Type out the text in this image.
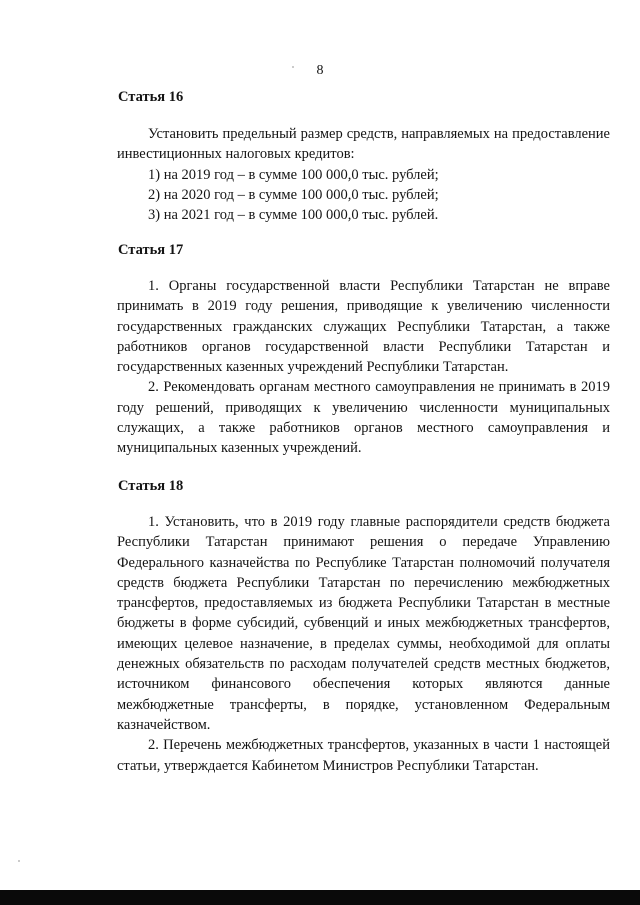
8
Статья 16

Установить предельный размер средств, направляемых на предоставление инвестиционных налоговых кредитов:

1) на 2019 год – в сумме 100 000,0 тыс. рублей;

2) на 2020 год – в сумме 100 000,0 тыс. рублей;

3) на 2021 год – в сумме 100 000,0 тыс. рублей.

Статья 17

1. Органы государственной власти Республики Татарстан не вправе принимать в 2019 году решения, приводящие к увеличению численности государственных гражданских служащих Республики Татарстан, а также работников органов государственной власти Республики Татарстан и государственных казенных учреждений Республики Татарстан.

2. Рекомендовать органам местного самоуправления не принимать в 2019 году решений, приводящих к увеличению численности муниципальных служащих, а также работников органов местного самоуправления и муниципальных казенных учреждений.

Статья 18

1. Установить, что в 2019 году главные распорядители средств бюджета Республики Татарстан принимают решения о передаче Управлению Федерального казначейства по Республике Татарстан полномочий получателя средств бюджета Республики Татарстан по перечислению межбюджетных трансфертов, предоставляемых из бюджета Республики Татарстан в местные бюджеты в форме субсидий, субвенций и иных межбюджетных трансфертов, имеющих целевое назначение, в пределах суммы, необходимой для оплаты денежных обязательств по расходам получателей средств местных бюджетов, источником финансового обеспечения которых являются данные межбюджетные трансферты, в порядке, установленном Федеральным казначейством.

2. Перечень межбюджетных трансфертов, указанных в части 1 настоящей статьи, утверждается Кабинетом Министров Республики Татарстан.
